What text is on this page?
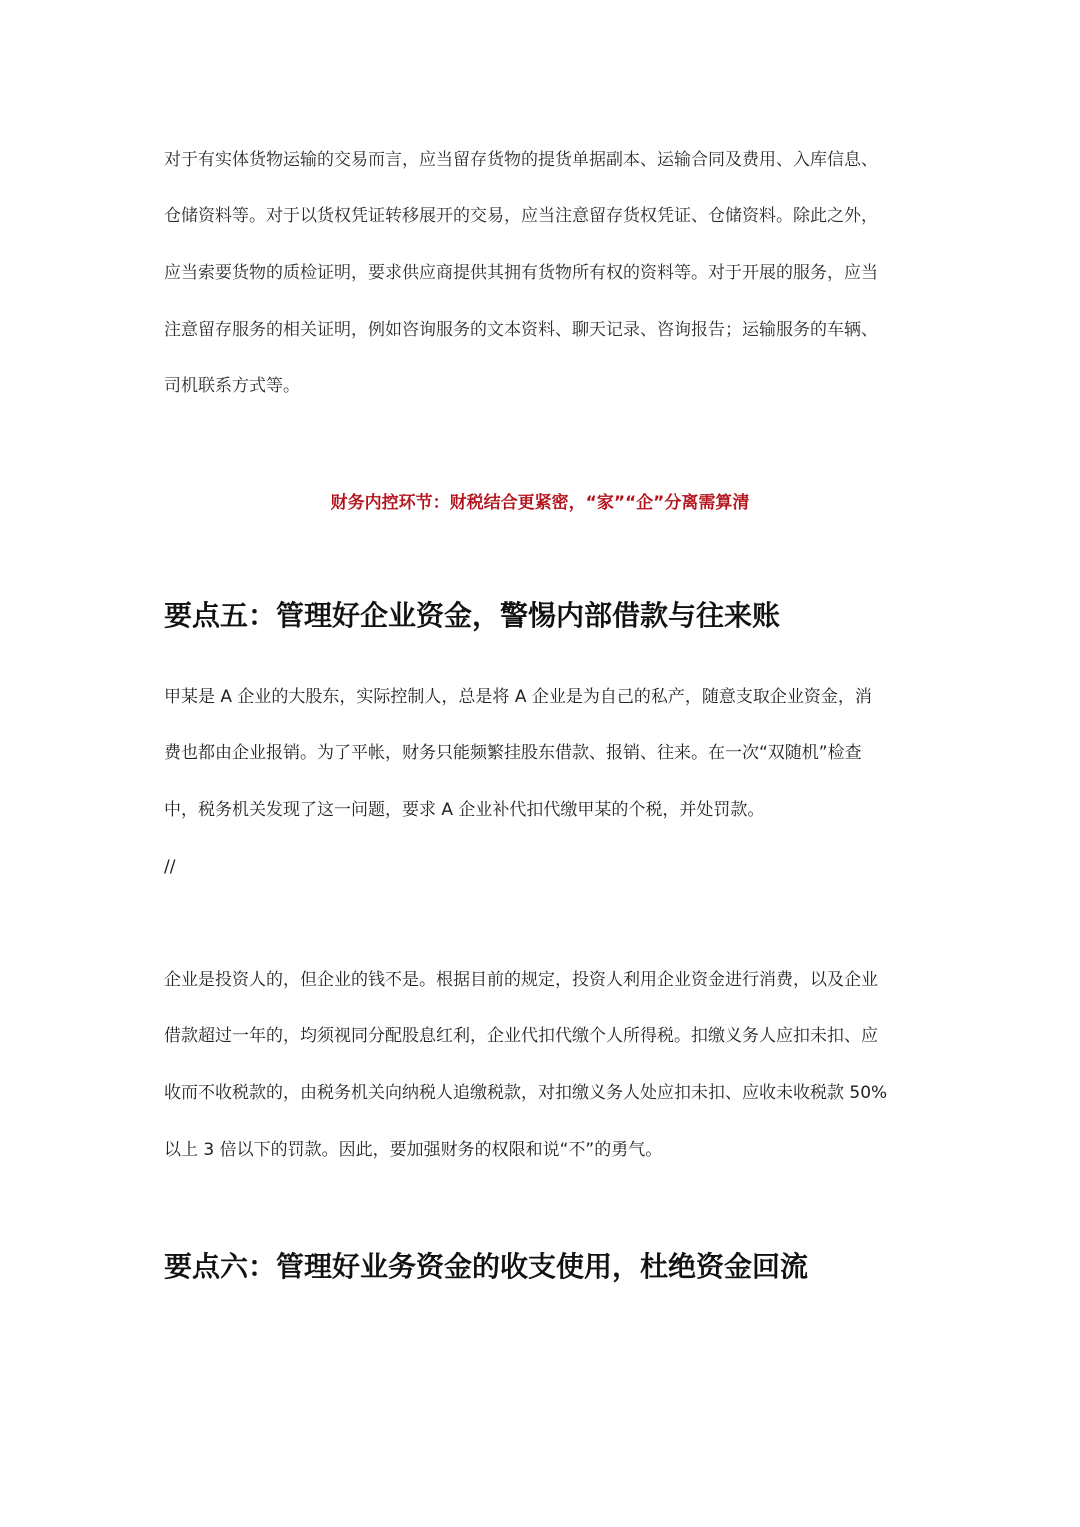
对于有实体货物运输的交易而言，应当留存货物的提货单据副本、运输合同及费用、入库信息、
仓储资料等。对于以货权凭证转移展开的交易，应当注意留存货权凭证、仓储资料。除此之外，
应当索要货物的质检证明，要求供应商提供其拥有货物所有权的资料等。对于开展的服务，应当
注意留存服务的相关证明，例如咨询服务的文本资料、聊天记录、咨询报告；运输服务的车辆、
司机联系方式等。
财务内控环节：财税结合更紧密，“家”“企”分离需算清
要点五：管理好企业资金，警惕内部借款与往来账
甲某是 A 企业的大股东，实际控制人，总是将 A 企业是为自己的私产，随意支取企业资金，消
费也都由企业报销。为了平帐，财务只能频繁挂股东借款、报销、往来。在一次“双随机”检查
中，税务机关发现了这一问题，要求 A 企业补代扣代缴甲某的个税，并处罚款。
//
企业是投资人的，但企业的钱不是。根据目前的规定，投资人利用企业资金进行消费，以及企业
借款超过一年的，均须视同分配股息红利，企业代扣代缴个人所得税。扣缴义务人应扣未扣、应
收而不收税款的，由税务机关向纳税人追缴税款，对扣缴义务人处应扣未扣、应收未收税款 50%
以上 3 倍以下的罚款。因此，要加强财务的权限和说“不”的勇气。
要点六：管理好业务资金的收支使用，杜绝资金回流
